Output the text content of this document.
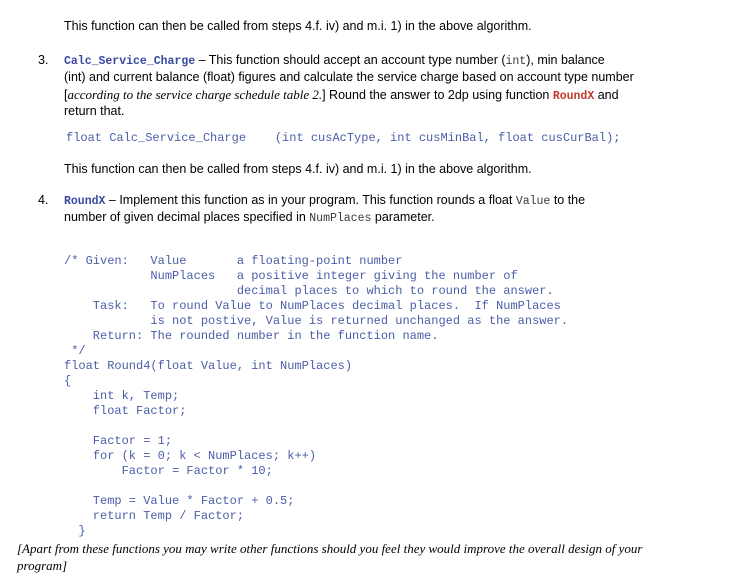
This function can then be called from steps 4.f. iv) and m.i. 1) in the above algorithm.
3. Calc_Service_Charge – This function should accept an account type number (int), min balance
(int) and current balance (float) figures and calculate the service charge based on account type number
[according to the service charge schedule table 2.] Round the answer to 2dp using function RoundX and
return that.
float Calc_Service_Charge    (int cusAcType, int cusMinBal, float cusCurBal);
This function can then be called from steps 4.f. iv) and m.i. 1) in the above algorithm.
4. RoundX – Implement this function as in your program. This function rounds a float Value to the
number of given decimal places specified in NumPlaces parameter.

/* Given:   Value       a floating-point number
NumPlaces   a positive integer giving the number of
decimal places to which to round the answer.
Task:   To round Value to NumPlaces decimal places.  If NumPlaces
is not postive, Value is returned unchanged as the answer.
Return: The rounded number in the function name.
*/
float Round4(float Value, int NumPlaces)
{
int k, Temp;
float Factor;
Factor = 1;
for (k = 0; k < NumPlaces; k++)
Factor = Factor * 10;
Temp = Value * Factor + 0.5;
return Temp / Factor;
}

[Apart from these functions you may write other functions should you feel they would improve the overall design of your
program]
